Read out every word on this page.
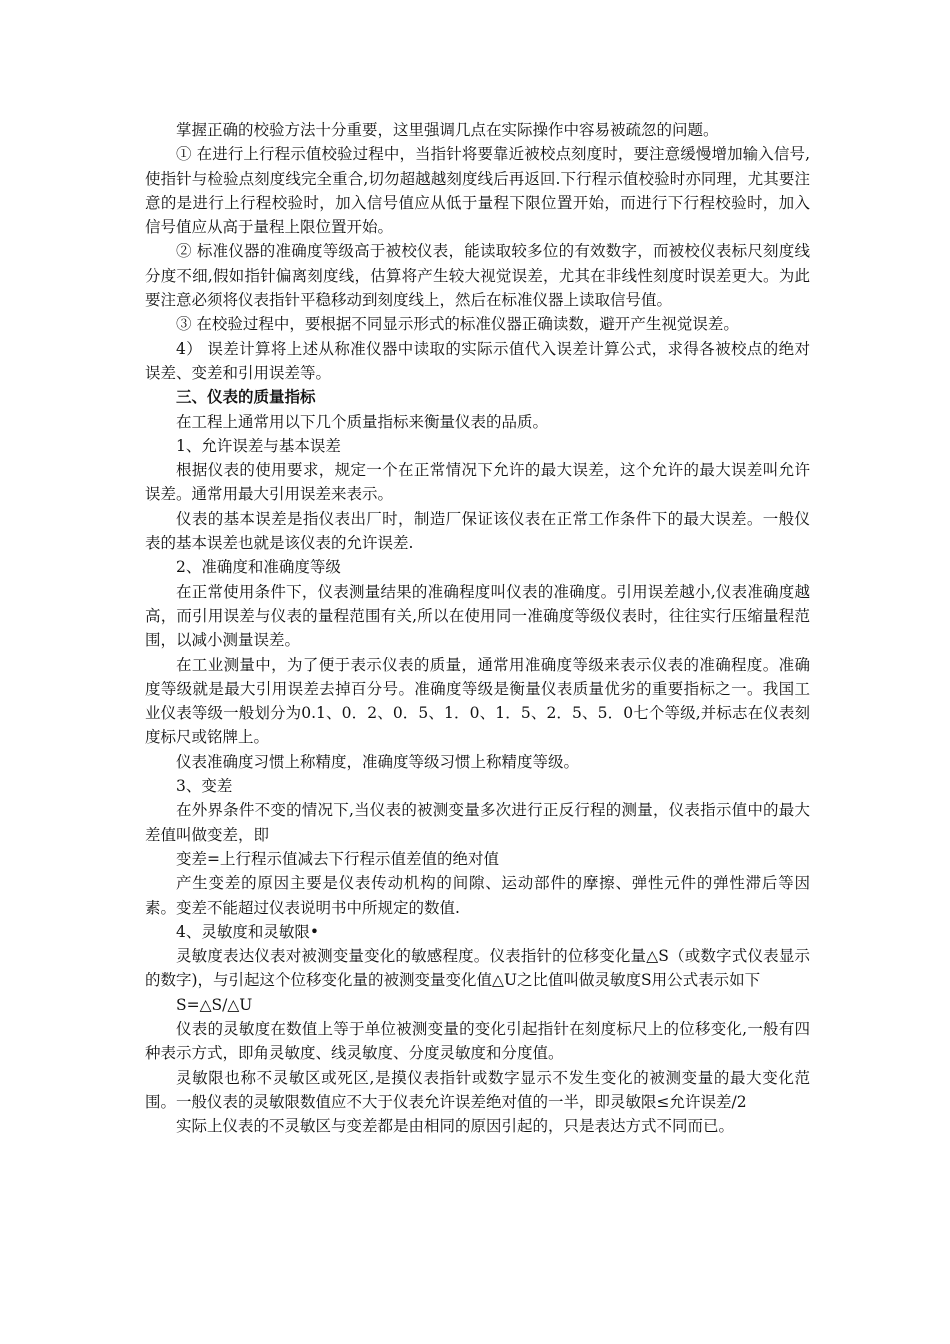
掌握正确的校验方法十分重要，这里强调几点在实际操作中容易被疏忽的问题。

① 在进行上行程示值校验过程中，当指针将要靠近被校点刻度时，要注意缓慢增加输入信号,使指针与检验点刻度线完全重合,切勿超越越刻度线后再返回.下行程示值校验时亦同理，尤其要注意的是进行上行程校验时，加入信号值应从低于量程下限位置开始，而进行下行程校验时，加入信号值应从高于量程上限位置开始。

② 标准仪器的准确度等级高于被校仪表，能读取较多位的有效数字，而被校仪表标尺刻度线分度不细,假如指针偏离刻度线，估算将产生较大视觉误差，尤其在非线性刻度时误差更大。为此要注意必须将仪表指针平稳移动到刻度线上，然后在标准仪器上读取信号值。

③ 在校验过程中，要根据不同显示形式的标准仪器正确读数，避开产生视觉误差。

4） 误差计算将上述从称准仪器中读取的实际示值代入误差计算公式，求得各被校点的绝对误差、变差和引用误差等。

三、仪表的质量指标

在工程上通常用以下几个质量指标来衡量仪表的品质。

1、允许误差与基本误差

根据仪表的使用要求，规定一个在正常情况下允许的最大误差，这个允许的最大误差叫允许误差。通常用最大引用误差来表示。

仪表的基本误差是指仪表出厂时，制造厂保证该仪表在正常工作条件下的最大误差。一般仪表的基本误差也就是该仪表的允许误差.

2、准确度和准确度等级

在正常使用条件下，仪表测量结果的准确程度叫仪表的准确度。引用误差越小,仪表准确度越高，而引用误差与仪表的量程范围有关,所以在使用同一准确度等级仪表时，往往实行压缩量程范围，以减小测量误差。

在工业测量中，为了便于表示仪表的质量，通常用准确度等级来表示仪表的准确程度。准确度等级就是最大引用误差去掉百分号。准确度等级是衡量仪表质量优劣的重要指标之一。我国工业仪表等级一般划分为0.1、0．2、0．5、1．0、1．5、2．5、5．0七个等级,并标志在仪表刻度标尺或铭牌上。

仪表准确度习惯上称精度，准确度等级习惯上称精度等级。

3、变差

在外界条件不变的情况下,当仪表的被测变量多次进行正反行程的测量，仪表指示值中的最大差值叫做变差，即

变差=上行程示值减去下行程示值差值的绝对值

产生变差的原因主要是仪表传动机构的间隙、运动部件的摩擦、弹性元件的弹性滞后等因素。变差不能超过仪表说明书中所规定的数值.

4、灵敏度和灵敏限•

灵敏度表达仪表对被测变量变化的敏感程度。仪表指针的位移变化量△S（或数字式仪表显示的数字)，与引起这个位移变化量的被测变量变化值△U之比值叫做灵敏度S用公式表示如下

S=△S/△U

仪表的灵敏度在数值上等于单位被测变量的变化引起指针在刻度标尺上的位移变化,一般有四种表示方式，即角灵敏度、线灵敏度、分度灵敏度和分度值。

灵敏限也称不灵敏区或死区,是摸仪表指针或数字显示不发生变化的被测变量的最大变化范围。一般仪表的灵敏限数值应不大于仪表允许误差绝对值的一半，即灵敏限≤允许误差/2

实际上仪表的不灵敏区与变差都是由相同的原因引起的，只是表达方式不同而已。
